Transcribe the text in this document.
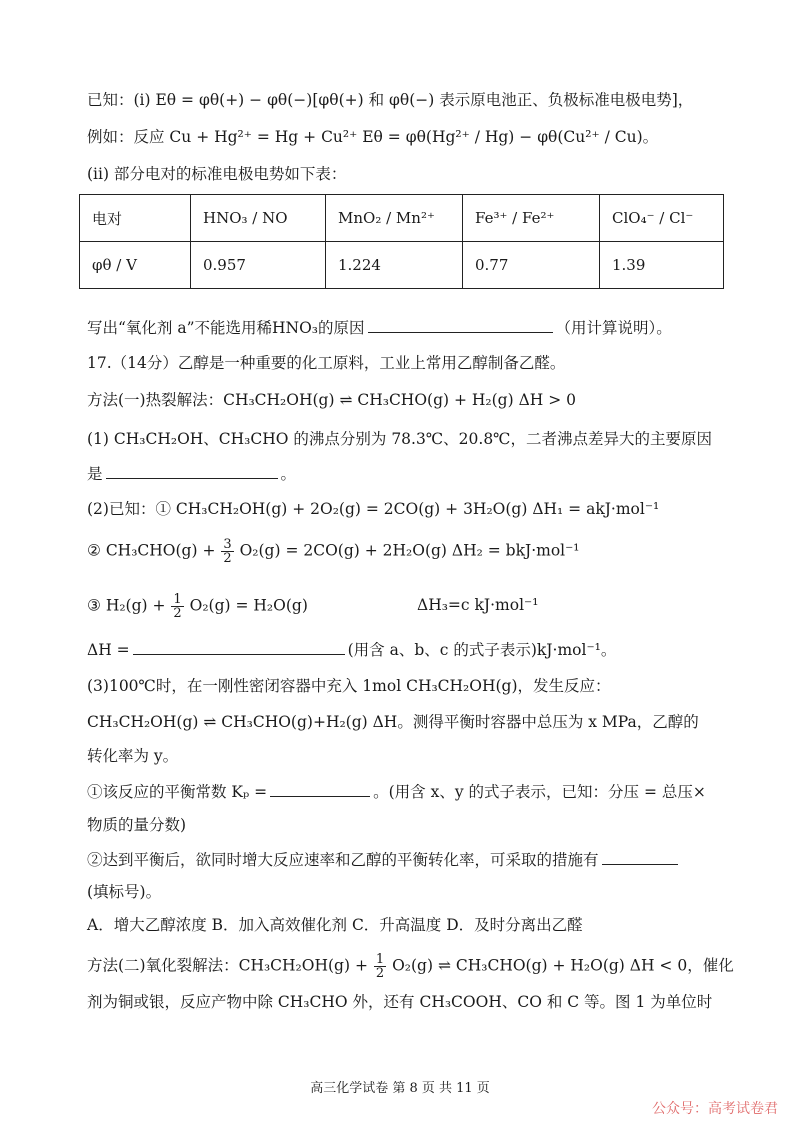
已知：(i) Eθ = φθ(+) − φθ(−)[φθ(+) 和 φθ(−) 表示原电池正、负极标准电极电势]，
例如：反应 Cu + Hg²⁺ = Hg + Cu²⁺ Eθ = φθ(Hg²⁺ / Hg) − φθ(Cu²⁺ / Cu)。
(ii) 部分电对的标准电极电势如下表：
电对	HNO₃ / NO	MnO₂ / Mn²⁺	Fe³⁺ / Fe²⁺	ClO₄⁻ / Cl⁻
φθ / V	0.957	1.224	0.77	1.39
写出“氧化剂 a”不能选用稀HNO₃的原因	（用计算说明）。
17.（14分）乙醇是一种重要的化工原料，工业上常用乙醇制备乙醛。
方法(一)热裂解法：CH₃CH₂OH(g) ⇌ CH₃CHO(g) + H₂(g) ΔH > 0
(1) CH₃CH₂OH、CH₃CHO 的沸点分别为 78.3℃、20.8℃，二者沸点差异大的主要原因
是	。
(2)已知：① CH₃CH₂OH(g) + 2O₂(g) = 2CO(g) + 3H₂O(g) ΔH₁ = akJ·mol⁻¹
② $CH_3CHO(g) + \frac{3}{2} O_2(g) = 2CO(g) + 2H_2O(g) \Delta H_2 = bkJ\cdot mol^{-1}$
③ $H_2(g) + \frac{1}{2} O_2(g) = H_2O(g)$	ΔH₃=c kJ·mol⁻¹
ΔH =	(用含 a、b、c 的式子表示)kJ·mol⁻¹。
(3)100℃时，在一刚性密闭容器中充入 1mol CH₃CH₂OH(g)，发生反应：
CH₃CH₂OH(g) ⇌ CH₃CHO(g)+H₂(g) ΔH。测得平衡时容器中总压为 x MPa，乙醇的
转化率为 y。
①该反应的平衡常数 Kₚ =	。(用含 x、y 的式子表示，已知：分压 = 总压×
物质的量分数)
②达到平衡后，欲同时增大反应速率和乙醇的平衡转化率，可采取的措施有
(填标号)。
A．增大乙醇浓度 B．加入高效催化剂 C．升高温度 D．及时分离出乙醛
方法(二)氧化裂解法：$CH_3CH_2OH(g) + \frac{1}{2} O_2(g)$ ⇌ CH₃CHO(g) + H₂O(g) ΔH < 0，催化
剂为铜或银，反应产物中除 CH₃CHO 外，还有 CH₃COOH、CO 和 C 等。图 1 为单位时
高三化学试卷 第 8 页 共 11 页
公众号：高考试卷君
